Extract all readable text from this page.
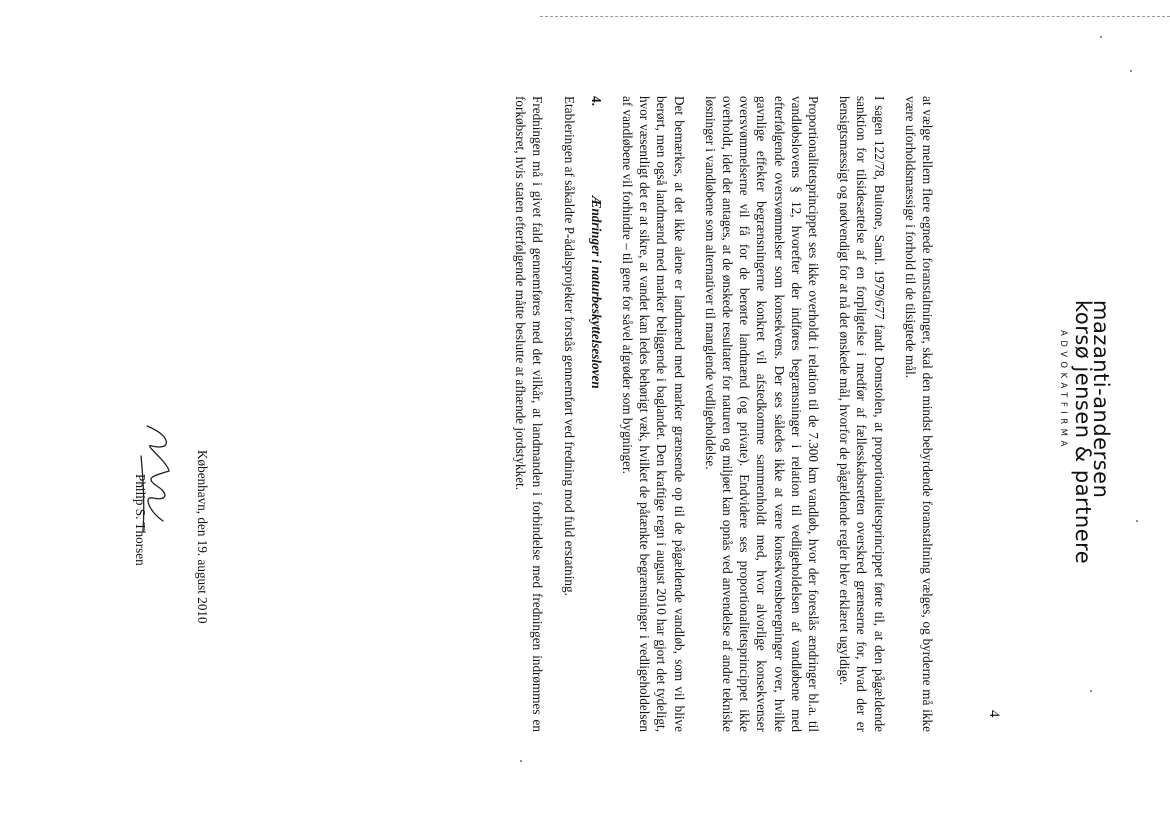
4
mazanti-andersen
korsø jensen & partnere
ADVOKATFIRMA

at vælge mellem flere egnede foranstaltninger, skal den mindst bebyrdende foranstaltning vælges, og byrderne må ikke være uforholdsmæssige i forhold til de tilsigtede mål.

I sagen 122/78, Buitone, Saml. 1979/677 fandt Domstolen, at proportionalitetsprincippet førte til, at den pågældende sanktion for tilsidesættelse af en forpligtelse i medfør af fællesskabsretten overskred grænserne for, hvad der er hensigtsmæssigt og nødvendigt for at nå det ønskede mål, hvorfor de pågældende regler blev erklæret ugyldige.

Proportionalitetsprincippet ses ikke overholdt i relation til de 7.300 km vandløb, hvor der foreslås ændringer bl.a. til vandløbslovens § 12, hvorefter der indføres begrænsninger i relation til vedligeholdelsen af vandløbene med efterfølgende oversvømmelser som konsekvens. Der ses således ikke at være konsekvensberegninger over, hvilke gavnlige effekter begrænsningerne konkret vil afstedkomme sammenholdt med, hvor alvorlige konsekvenser oversvømmelserne vil få for de berørte landmænd (og private). Endvidere ses proportionalitetsprincippet ikke overholdt, idet det antages, at de ønskede resultater for naturen og miljøet kan opnås ved anvendelse af andre tekniske løsninger i vandløbene som alternativer til manglende vedligeholdelse.

Det bemærkes, at det ikke alene er landmænd med marker grænsende op til de pågældende vandløb, som vil blive berørt, men også landmænd med marker beliggende i baglandet. Den kraftige regn i august 2010 har gjort det tydeligt, hvor væsentligt det er at sikre, at vandet kan ledes behørigt væk, hvilket de påtænkte begrænsninger i vedligeholdelsen af vandløbene vil forhindre – til gene for såvel afgrøder som bygninger.

4.
Ændringer i naturbeskyttelsesloven

Etableringen af såkaldte P-ådalsprojekter forstås gennemført ved fredning mod fuld erstatning.

Fredningen må i givet fald gennemføres med det vilkår, at landmanden i forbindelse med fredningen indrømmes en forkøbsret, hvis staten efterfølgende måtte beslutte at afhænde jordstykket.

København, den 19. august 2010
Philip S. Thorsen
